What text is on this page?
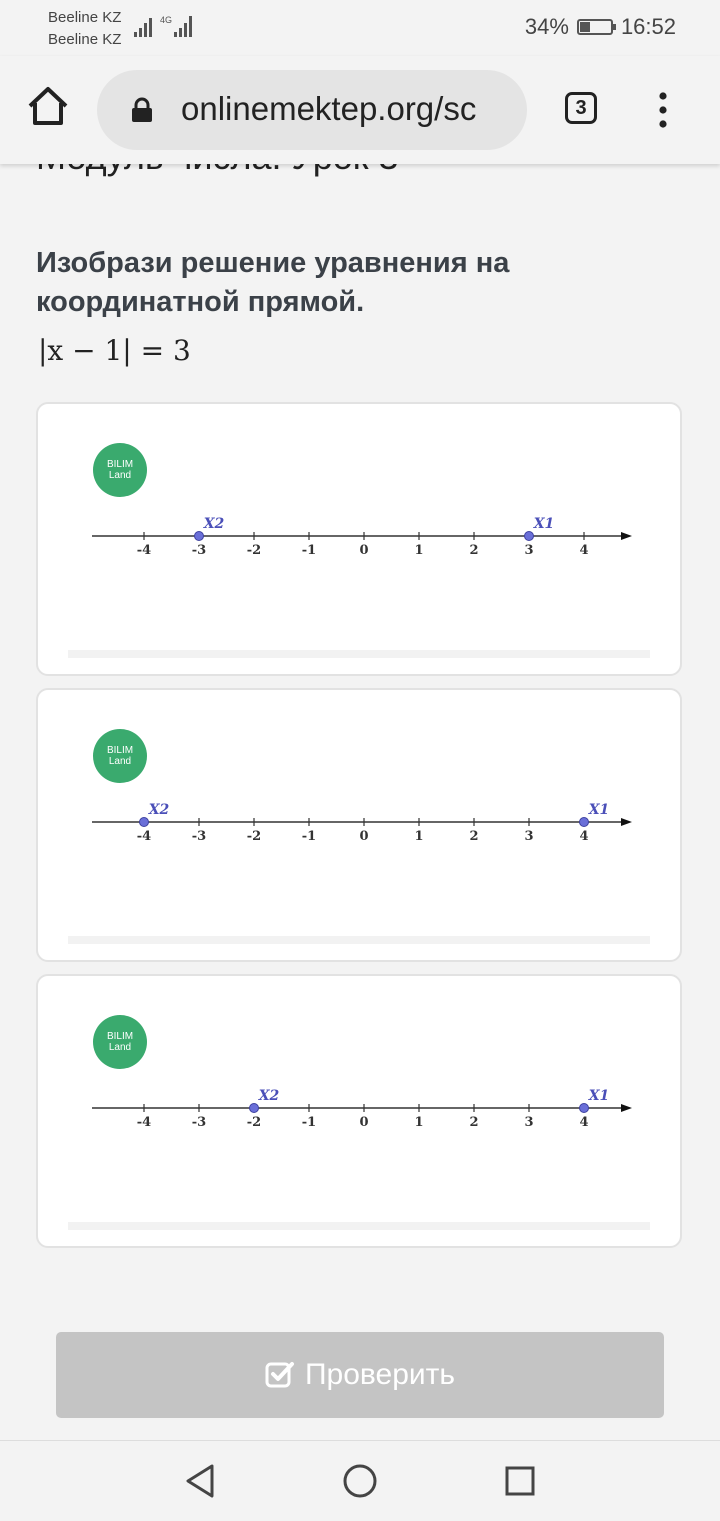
Beeline KZ
Beeline KZ
4G	34% 16:52
onlinemektep.org/sc	3
Изобрази решение уравнения на координатной прямой.
|x − 1| = 3
BILIM
Land
-4	-3	-2	-1	0	1	2	3	4
X2	X1
BILIM
Land
-4	-3	-2	-1	0	1	2	3	4
X2	X1
BILIM
Land
-4	-3	-2	-1	0	1	2	3	4
X2	X1
Проверить
